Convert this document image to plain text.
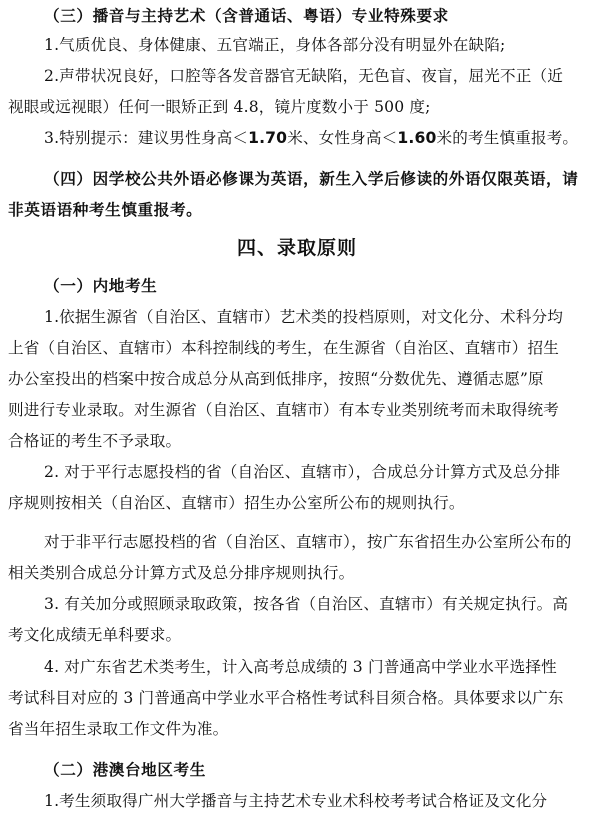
（三）播音与主持艺术（含普通话、粤语）专业特殊要求
1.气质优良、身体健康、五官端正，身体各部分没有明显外在缺陷;
2.声带状况良好，口腔等各发音器官无缺陷，无色盲、夜盲，屈光不正（近
视眼或远视眼）任何一眼矫正到 4.8，镜片度数小于 500 度;
3.特别提示：建议男性身高＜1.70米、女性身高＜1.60米的考生慎重报考。
（四）因学校公共外语必修课为英语，新生入学后修读的外语仅限英语，请
非英语语种考生慎重报考。
四、录取原则
（一）内地考生
1.依据生源省（自治区、直辖市）艺术类的投档原则，对文化分、术科分均
上省（自治区、直辖市）本科控制线的考生，在生源省（自治区、直辖市）招生
办公室投出的档案中按合成总分从高到低排序，按照“分数优先、遵循志愿”原
则进行专业录取。对生源省（自治区、直辖市）有本专业类别统考而未取得统考
合格证的考生不予录取。
2. 对于平行志愿投档的省（自治区、直辖市），合成总分计算方式及总分排
序规则按相关（自治区、直辖市）招生办公室所公布的规则执行。
对于非平行志愿投档的省（自治区、直辖市），按广东省招生办公室所公布的
相关类别合成总分计算方式及总分排序规则执行。
3. 有关加分或照顾录取政策，按各省（自治区、直辖市）有关规定执行。高
考文化成绩无单科要求。
4. 对广东省艺术类考生，计入高考总成绩的 3 门普通高中学业水平选择性
考试科目对应的 3 门普通高中学业水平合格性考试科目须合格。具体要求以广东
省当年招生录取工作文件为准。
（二）港澳台地区考生
1.考生须取得广州大学播音与主持艺术专业术科校考考试合格证及文化分
